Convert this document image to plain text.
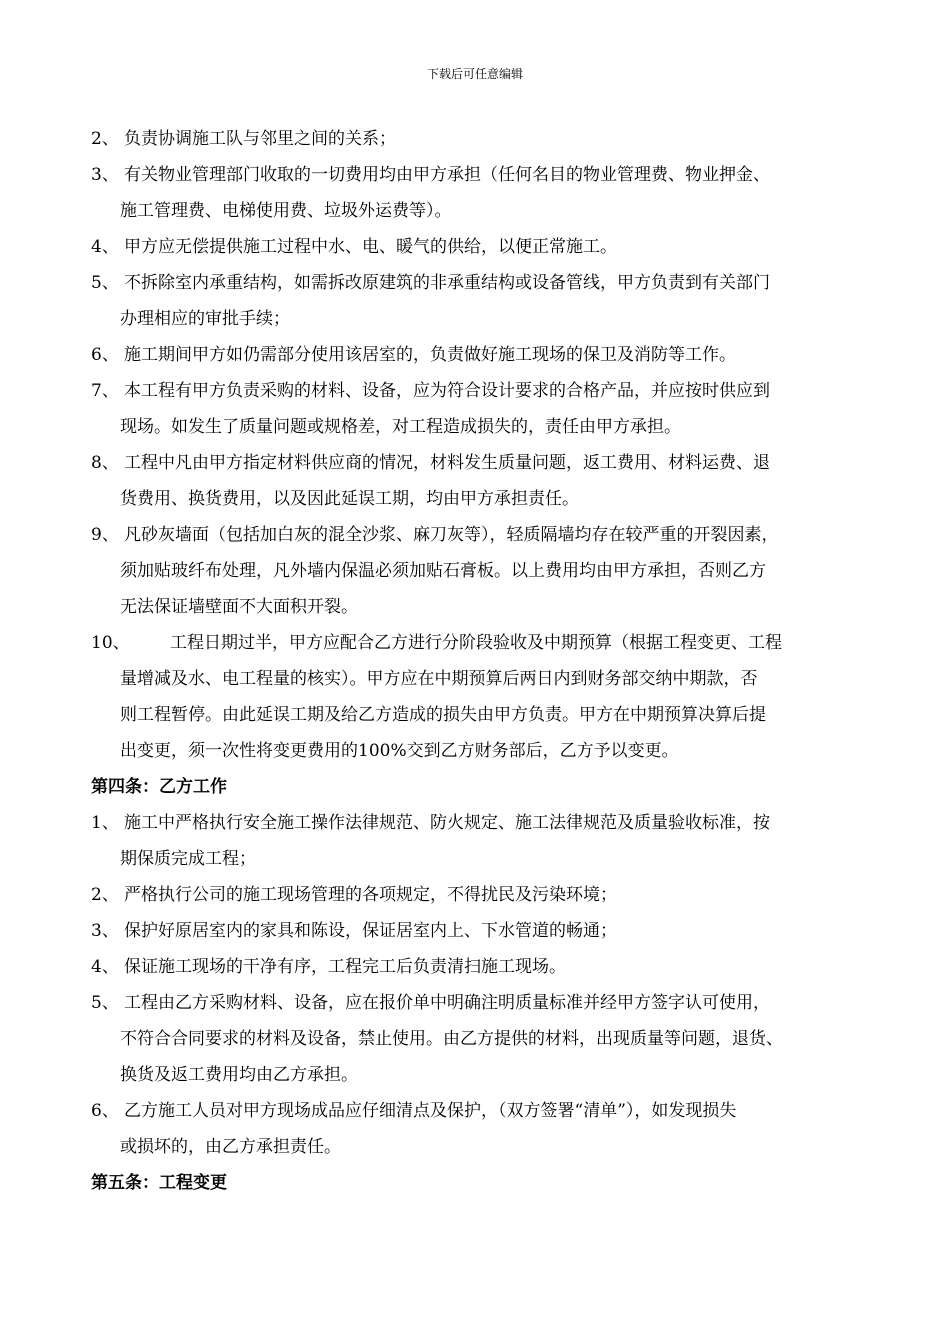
下载后可任意编辑
2、 负责协调施工队与邻里之间的关系；
3、 有关物业管理部门收取的一切费用均由甲方承担（任何名目的物业管理费、物业押金、
施工管理费、电梯使用费、垃圾外运费等）。
4、 甲方应无偿提供施工过程中水、电、暖气的供给，以便正常施工。
5、 不拆除室内承重结构，如需拆改原建筑的非承重结构或设备管线，甲方负责到有关部门
办理相应的审批手续；
6、 施工期间甲方如仍需部分使用该居室的，负责做好施工现场的保卫及消防等工作。
7、 本工程有甲方负责采购的材料、设备，应为符合设计要求的合格产品，并应按时供应到
现场。如发生了质量问题或规格差，对工程造成损失的，责任由甲方承担。
8、 工程中凡由甲方指定材料供应商的情况，材料发生质量问题，返工费用、材料运费、退
货费用、换货费用，以及因此延误工期，均由甲方承担责任。
9、 凡砂灰墙面（包括加白灰的混全沙浆、麻刀灰等），轻质隔墙均存在较严重的开裂因素，
须加贴玻纤布处理，凡外墙内保温必须加贴石膏板。以上费用均由甲方承担，否则乙方
无法保证墙壁面不大面积开裂。
10、 工程日期过半，甲方应配合乙方进行分阶段验收及中期预算（根据工程变更、工程
量增减及水、电工程量的核实）。甲方应在中期预算后两日内到财务部交纳中期款，否
则工程暂停。由此延误工期及给乙方造成的损失由甲方负责。甲方在中期预算决算后提
出变更，须一次性将变更费用的100%交到乙方财务部后，乙方予以变更。
第四条：乙方工作
1、 施工中严格执行安全施工操作法律规范、防火规定、施工法律规范及质量验收标准，按
期保质完成工程；
2、 严格执行公司的施工现场管理的各项规定，不得扰民及污染环境；
3、 保护好原居室内的家具和陈设，保证居室内上、下水管道的畅通；
4、 保证施工现场的干净有序，工程完工后负责清扫施工现场。
5、 工程由乙方采购材料、设备，应在报价单中明确注明质量标准并经甲方签字认可使用，
不符合合同要求的材料及设备，禁止使用。由乙方提供的材料，出现质量等问题，退货、
换货及返工费用均由乙方承担。
6、 乙方施工人员对甲方现场成品应仔细清点及保护，（双方签署“清单”），如发现损失
或损坏的，由乙方承担责任。
第五条：工程变更
